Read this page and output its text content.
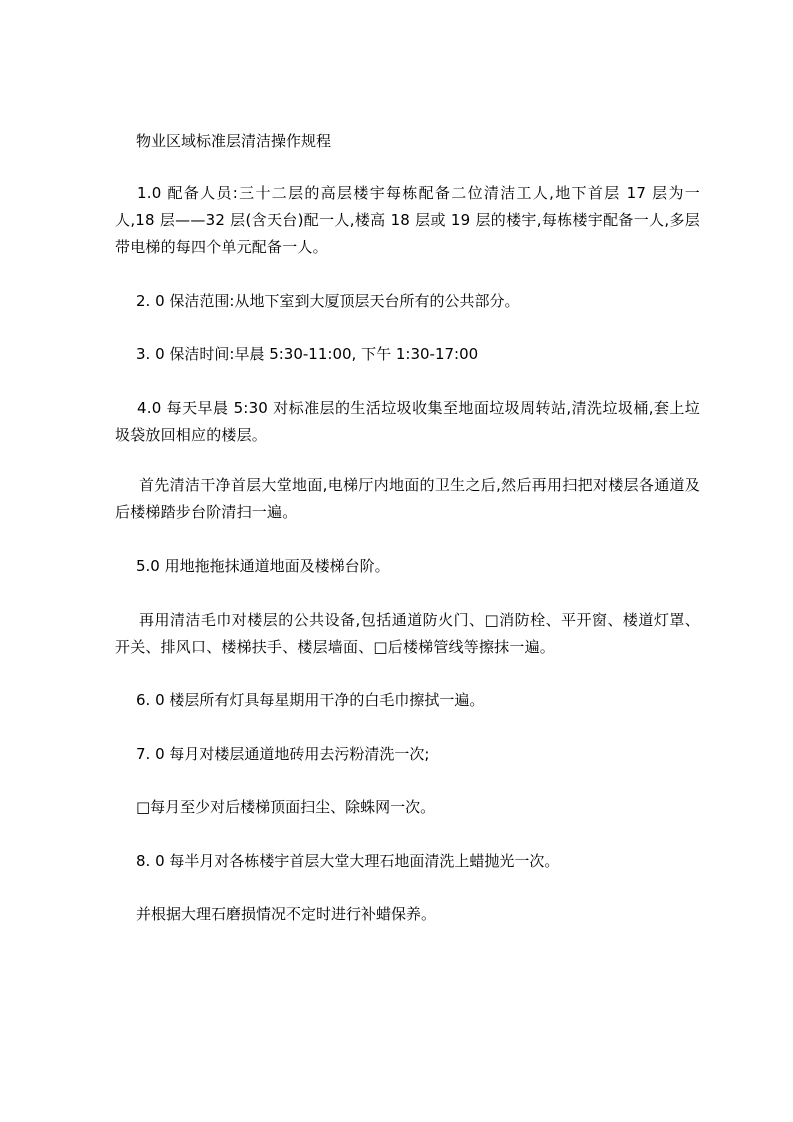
物业区域标准层清洁操作规程
1.0 配备人员:三十二层的高层楼宇每栋配备二位清洁工人,地下首层 17 层为一人,18 层——32 层(含天台)配一人,楼高 18 层或 19 层的楼宇,每栋楼宇配备一人,多层带电梯的每四个单元配备一人。
2. 0 保洁范围:从地下室到大厦顶层天台所有的公共部分。
3. 0 保洁时间:早晨 5:30-11:00, 下午 1:30-17:00
4.0 每天早晨 5:30 对标准层的生活垃圾收集至地面垃圾周转站,清洗垃圾桶,套上垃圾袋放回相应的楼层。
首先清洁干净首层大堂地面,电梯厅内地面的卫生之后,然后再用扫把对楼层各通道及后楼梯踏步台阶清扫一遍。
5.0 用地拖拖抹通道地面及楼梯台阶。
再用清洁毛巾对楼层的公共设备,包括通道防火门、□消防栓、平开窗、楼道灯罩、开关、排风口、楼梯扶手、楼层墙面、□后楼梯管线等擦抹一遍。
6. 0 楼层所有灯具每星期用干净的白毛巾擦拭一遍。
7. 0 每月对楼层通道地砖用去污粉清洗一次;
□每月至少对后楼梯顶面扫尘、除蛛网一次。
8. 0 每半月对各栋楼宇首层大堂大理石地面清洗上蜡抛光一次。
并根据大理石磨损情况不定时进行补蜡保养。
